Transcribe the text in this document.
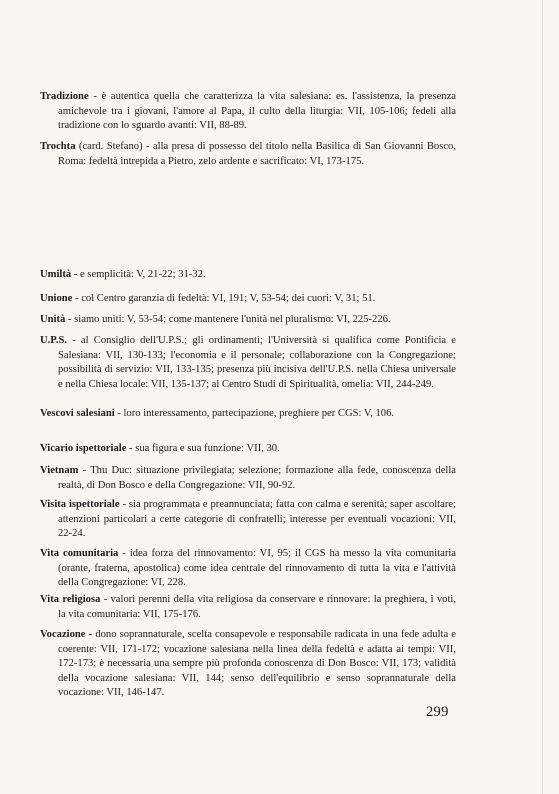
Tradizione - è autentica quella che caratterizza la vita salesiana: es. l'assistenza, la presenza amichevole tra i giovani, l'amore al Papa, il culto della liturgia: VII, 105-106; fedeli alla tradizione con lo sguardo avanti: VII, 88-89.

Trochta (card. Stefano) - alla presa di possesso del titolo nella Basilica di San Giovanni Bosco, Roma: fedeltà intrepida a Pietro, zelo ardente e sacrificato: VI, 173-175.

Umiltà - e semplicità: V, 21-22; 31-32.

Unione - col Centro garanzia di fedeltà: VI, 191; V, 53-54; dei cuori: V, 31; 51.

Unità - siamo uniti: V, 53-54; come mantenere l'unità nel pluralismo: VI, 225-226.

U.P.S. - al Consiglio dell'U.P.S.; gli ordinamenti; l'Università si qualifica come Pontificia e Salesiana: VII, 130-133; l'economia e il personale; collaborazione con la Congregazione; possibilità di servizio: VII, 133-135; presenza più incisiva dell'U.P.S. nella Chiesa universale e nella Chiesa locale: VII, 135-137; al Centro Studi di Spiritualità, omelia: VII, 244-249.

Vescovi salesiani - loro interessamento, partecipazione, preghiere per CGS: V, 106.

Vicario ispettoriale - sua figura e sua funzione: VII, 30.

Vietnam - Thu Duc: situazione privilegiata; selezione; formazione alla fede, conoscenza della realtà, di Don Bosco e della Congregazione: VII, 90-92.

Visita ispettoriale - sia programmata e preannunciata; fatta con calma e serenità; saper ascoltare; attenzioni particolari a certe categorie di confratelli; interesse per eventuali vocazioni: VII, 22-24.

Vita comunitaria - idea forza del rinnovamento: VI, 95; il CGS ha messo la vita comunitaria (orante, fraterna, apostolica) come idea centrale del rinnovamento di tutta la vita e l'attività della Congregazione: VI, 228.

Vita religiosa - valori perenni della vita religiosa da conservare e rinnovare: la preghiera, i voti, la vita comunitaria: VII, 175-176.

Vocazione - dono soprannaturale, scelta consapevole e responsabile radicata in una fede adulta e coerente: VII, 171-172; vocazione salesiana nella linea della fedeltà e adatta ai tempi: VII, 172-173; è necessaria una sempre più profonda conoscenza di Don Bosco: VII, 173; validità della vocazione salesiana: VII, 144; senso dell'equilibrio e senso soprannaturale della vocazione: VII, 146-147.

299
